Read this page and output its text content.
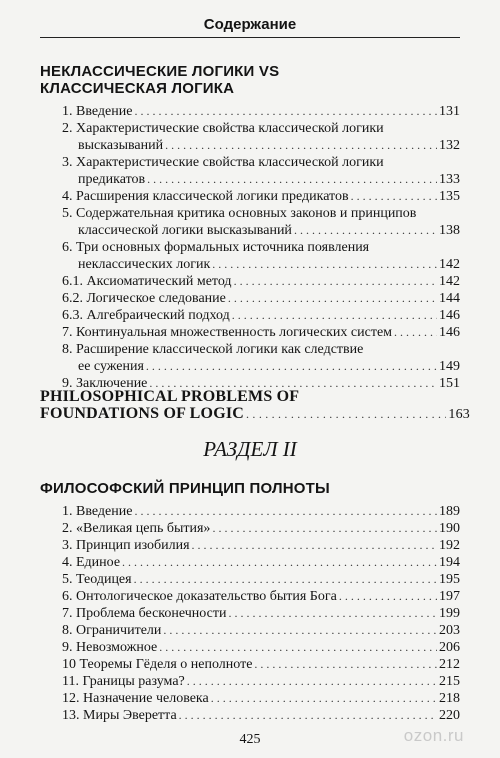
Содержание
НЕКЛАССИЧЕСКИЕ ЛОГИКИ VS
КЛАССИЧЕСКАЯ ЛОГИКА
1. Введение . . .	131
2. Характеристические свойства классической логики
высказываний . . .	132
3. Характеристические свойства классической логики
предикатов . . .	133
4. Расширения классической логики предикатов . . .	135
5. Содержательная критика основных законов и принципов
классической логики высказываний . . .	138
6. Три основных формальных источника появления
неклассических логик . . .	142
6.1. Аксиоматический метод . . .	142
6.2. Логическое следование . . .	144
6.3. Алгебраический подход . . .	146
7. Континуальная множественность логических систем . . .	146
8. Расширение классической логики как следствие
ее сужения . . .	149
9. Заключение . . .	151
PHILOSOPHICAL PROBLEMS OF
FOUNDATIONS OF LOGIC . . .	163
РАЗДЕЛ II
ФИЛОСОФСКИЙ ПРИНЦИП ПОЛНОТЫ
1. Введение . . .	189
2. «Великая цепь бытия» . . .	190
3. Принцип изобилия . . .	192
4. Единое . . .	194
5. Теодицея . . .	195
6. Онтологическое доказательство бытия Бога . . .	197
7. Проблема бесконечности . . .	199
8. Ограничители . . .	203
9. Невозможное . . .	206
10 Теоремы Гёделя о неполноте . . .	212
11. Границы разума? . . .	215
12. Назначение человека . . .	218
13. Миры Эверетта . . .	220
425	ozon.ru
